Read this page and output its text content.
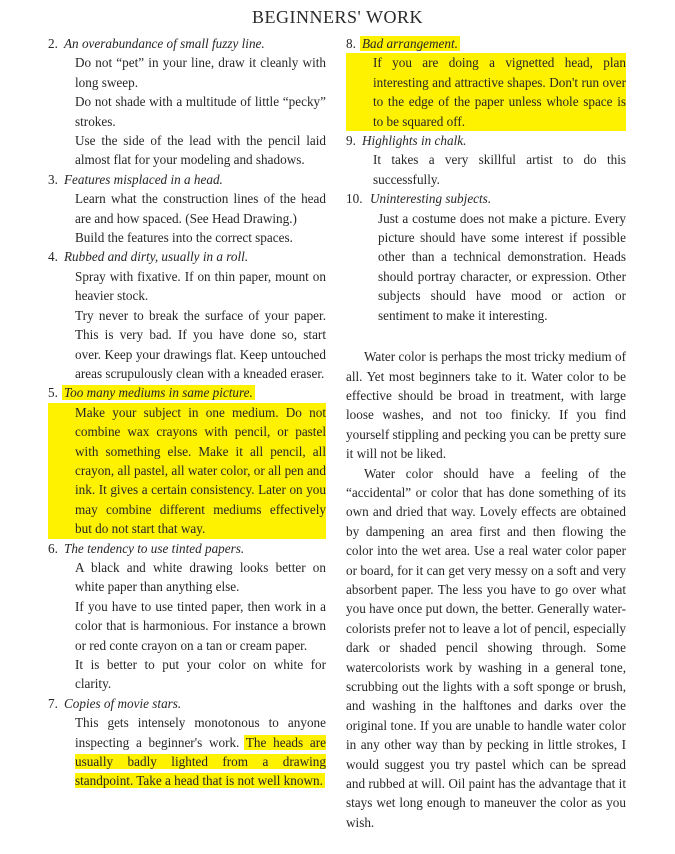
BEGINNERS' WORK
2. An overabundance of small fuzzy line.
Do not “pet” in your line, draw it cleanly with long sweep.
Do not shade with a multitude of little “pecky” strokes.
Use the side of the lead with the pencil laid almost flat for your modeling and shadows.
3. Features misplaced in a head.
Learn what the construction lines of the head are and how spaced. (See Head Drawing.)
Build the features into the correct spaces.
4. Rubbed and dirty, usually in a roll.
Spray with fixative. If on thin paper, mount on heavier stock.
Try never to break the surface of your paper. This is very bad. If you have done so, start over. Keep your drawings flat. Keep untouched areas scrupulously clean with a kneaded eraser.
5. Too many mediums in same picture.
Make your subject in one medium. Do not combine wax crayons with pencil, or pastel with something else. Make it all pencil, all crayon, all pastel, all water color, or all pen and ink. It gives a certain consistency. Later on you may combine different mediums effectively but do not start that way.
6. The tendency to use tinted papers.
A black and white drawing looks better on white paper than anything else.
If you have to use tinted paper, then work in a color that is harmonious. For instance a brown or red conte crayon on a tan or cream paper.
It is better to put your color on white for clarity.
7. Copies of movie stars.
This gets intensely monotonous to anyone inspecting a beginner's work. The heads are usually badly lighted from a drawing standpoint. Take a head that is not well known.
8. Bad arrangement.
If you are doing a vignetted head, plan interesting and attractive shapes. Don't run over to the edge of the paper unless whole space is to be squared off.
9. Highlights in chalk.
It takes a very skillful artist to do this successfully.
10. Uninteresting subjects.
Just a costume does not make a picture. Every picture should have some interest if possible other than a technical demonstration. Heads should portray character, or expression. Other subjects should have mood or action or sentiment to make it interesting.
Water color is perhaps the most tricky medium of all. Yet most beginners take to it. Water color to be effective should be broad in treatment, with large loose washes, and not too finicky. If you find yourself stippling and pecking you can be pretty sure it will not be liked.
Water color should have a feeling of the “accidental” or color that has done something of its own and dried that way. Lovely effects are obtained by dampening an area first and then flowing the color into the wet area. Use a real water color paper or board, for it can get very messy on a soft and very absorbent paper. The less you have to go over what you have once put down, the better. Generally water-colorists prefer not to leave a lot of pencil, especially dark or shaded pencil showing through. Some watercolorists work by washing in a general tone, scrubbing out the lights with a soft sponge or brush, and washing in the halftones and darks over the original tone. If you are unable to handle water color in any other way than by pecking in little strokes, I would suggest you try pastel which can be spread and rubbed at will. Oil paint has the advantage that it stays wet long enough to maneuver the color as you wish.
